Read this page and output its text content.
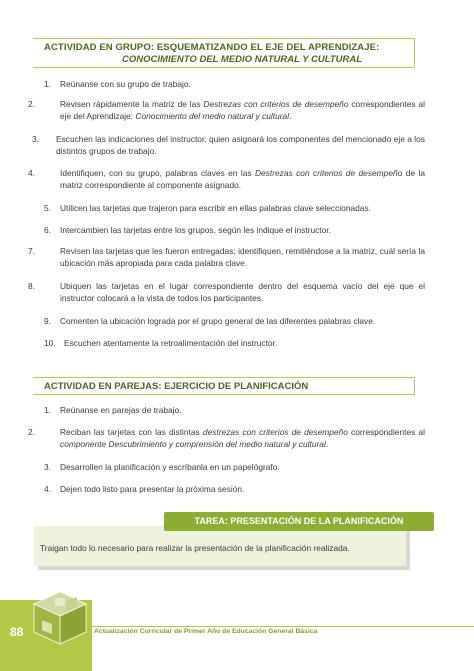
ACTIVIDAD EN GRUPO: ESQUEMATIZANDO EL EJE DEL APRENDIZAJE:
CONOCIMIENTO DEL MEDIO NATURAL Y CULTURAL
1. Reúnanse con su grupo de trabajo.
2.	Revisen rápidamente la matriz de las Destrezas con criterios de desempeño correspondientes al eje del Aprendizaje: Conocimiento del medio natural y cultural.
3. Escuchen las indicaciones del instructor, quien asignará los componentes del mencionado eje a los distintos grupos de trabajo.
4.	Identifiquen, con su grupo, palabras claves en las Destrezas con criterios de desempeño de la matriz correspondiente al componente asignado.
5. Utilicen las tarjetas que trajeron para escribir en ellas palabras clave seleccionadas.
6. Intercambien las tarjetas entre los grupos, según les indique el instructor.
7.	Revisen las tarjetas que les fueron entregadas; identifiquen, remitiéndose a la matriz, cuál sería la ubicación más apropiada para cada palabra clave.
8.	Ubiquen las tarjetas en el lugar correspondiente dentro del esquema vacío del eje que el instructor colocará a la vista de todos los participantes.
9. Comenten la ubicación lograda por el grupo general de las diferentes palabras clave.
10. Escuchen atentamente la retroalimentación del instructor.
ACTIVIDAD EN PAREJAS: EJERCICIO DE PLANIFICACIÓN
1. Reúnanse en parejas de trabajo.
2.	Reciban las tarjetas con las distintas destrezas con criterios de desempeño correspondientes al componente Descubrimiento y comprensión del medio natural y cultural.
3. Desarrollen la planificación y escríbanla en un papelógrafo.
4. Dejen todo listo para presentar la próxima sesión.
TAREA: PRESENTACIÓN DE LA PLANIFICACIÓN
Traigan todo lo necesario para realizar la presentación de la planificación realizada.
88	Actualización Curricular de Primer Año de Educación General Básica
